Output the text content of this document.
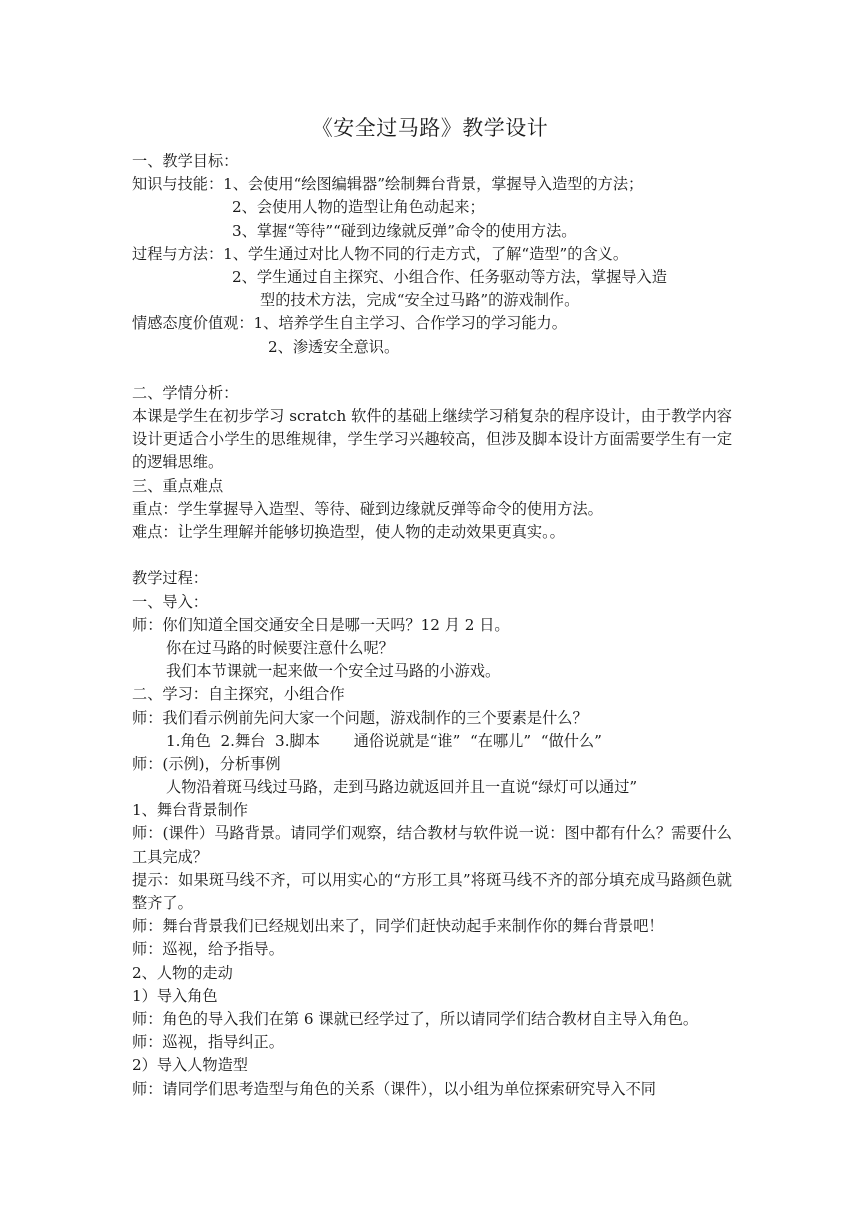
《安全过马路》教学设计
一、教学目标：
知识与技能：1、会使用“绘图编辑器”绘制舞台背景，掌握导入造型的方法；
2、会使用人物的造型让角色动起来；
3、掌握“等待”“碰到边缘就反弹”命令的使用方法。
过程与方法：1、学生通过对比人物不同的行走方式，了解“造型”的含义。
2、学生通过自主探究、小组合作、任务驱动等方法，掌握导入造
型的技术方法，完成“安全过马路”的游戏制作。
情感态度价值观：1、培养学生自主学习、合作学习的学习能力。
2、渗透安全意识。
二、学情分析：
本课是学生在初步学习 scratch 软件的基础上继续学习稍复杂的程序设计，由于教学内容设计更适合小学生的思维规律，学生学习兴趣较高，但涉及脚本设计方面需要学生有一定的逻辑思维。
三、重点难点
重点：学生掌握导入造型、等待、碰到边缘就反弹等命令的使用方法。
难点：让学生理解并能够切换造型，使人物的走动效果更真实。。
教学过程：
一、导入：
师：你们知道全国交通安全日是哪一天吗？12 月 2 日。
你在过马路的时候要注意什么呢？
我们本节课就一起来做一个安全过马路的小游戏。
二、学习：自主探究，小组合作
师：我们看示例前先问大家一个问题，游戏制作的三个要素是什么？
1.角色  2.舞台  3.脚本       通俗说就是“谁”  “在哪儿”  “做什么”
师：(示例)，分析事例
人物沿着斑马线过马路，走到马路边就返回并且一直说“绿灯可以通过”
1、舞台背景制作
师：(课件）马路背景。请同学们观察，结合教材与软件说一说：图中都有什么？需要什么工具完成？
提示：如果斑马线不齐，可以用实心的“方形工具”将斑马线不齐的部分填充成马路颜色就整齐了。
师：舞台背景我们已经规划出来了，同学们赶快动起手来制作你的舞台背景吧！
师：巡视，给予指导。
2、人物的走动
1）导入角色
师：角色的导入我们在第 6 课就已经学过了，所以请同学们结合教材自主导入角色。
师：巡视，指导纠正。
2）导入人物造型
师：请同学们思考造型与角色的关系（课件），以小组为单位探索研究导入不同
